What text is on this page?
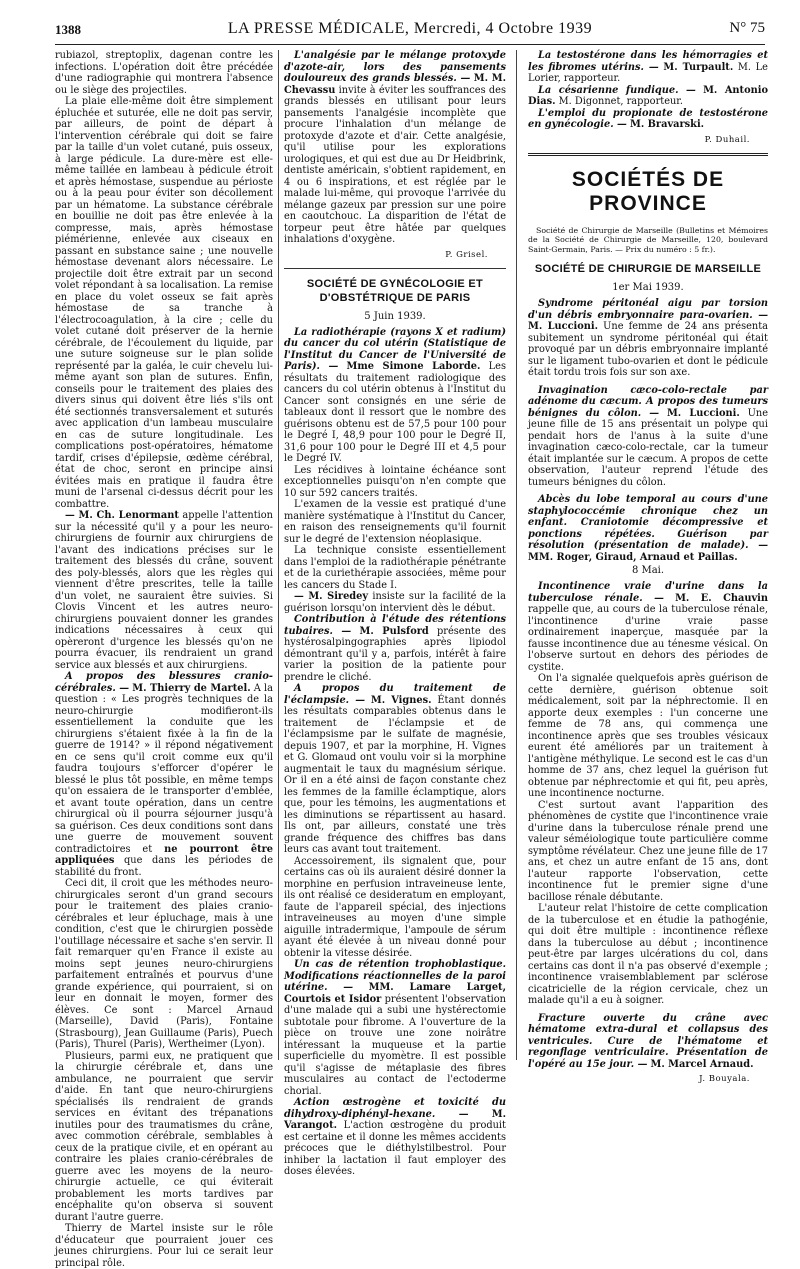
1388	LA PRESSE MÉDICALE, Mercredi, 4 Octobre 1939	N° 75

rubiazol, streptoplix, dagenan contre les infections. L'opération doit être précédée d'une radiographie qui montrera l'absence ou le siège des projectiles.

La plaie elle-même doit être simplement épluchée et suturée, elle ne doit pas servir, par ailleurs, de point de départ à l'intervention cérébrale qui doit se faire par la taille d'un volet cutané, puis osseux, à large pédicule. La dure-mère est elle-même taillée en lambeau à pédicule étroit et après hémostase, suspendue au périoste ou à la peau pour éviter son décollement par un hématome. La substance cérébrale en bouillie ne doit pas être enlevée à la compresse, mais, après hémostase piémérienne, enlevée aux ciseaux en passant en substance saine ; une nouvelle hémostase devenant alors nécessaire. Le projectile doit être extrait par un second volet répondant à sa localisation. La remise en place du volet osseux se fait après hémostase de sa tranche à l'électrocoagulation, à la cire ; celle du volet cutané doit préserver de la hernie cérébrale, de l'écoulement du liquide, par une suture soigneuse sur le plan solide représenté par la galéa, le cuir chevelu lui-même ayant son plan de sutures. Enfin, conseils pour le traitement des plaies des divers sinus qui doivent être liés s'ils ont été sectionnés transversalement et suturés avec application d'un lambeau musculaire en cas de suture longitudinale. Les complications post-opératoires, hématome tardif, crises d'épilepsie, œdème cérébral, état de choc, seront en principe ainsi évitées mais en pratique il faudra être muni de l'arsenal ci-dessus décrit pour les combattre.

— M. Ch. Lenormant appelle l'attention sur la nécessité qu'il y a pour les neuro-chirurgiens de fournir aux chirurgiens de l'avant des indications précises sur le traitement des blessés du crâne, souvent des poly-blessés, alors que les règles qui viennent d'être prescrites, telle la taille d'un volet, ne sauraient être suivies. Si Clovis Vincent et les autres neuro-chirurgiens pouvaient donner les grandes indications nécessaires à ceux qui opèreront d'urgence les blessés qu'on ne pourra évacuer, ils rendraient un grand service aux blessés et aux chirurgiens.

A propos des blessures cranio-cérébrales. — M. Thierry de Martel. A la question : « Les progrès techniques de la neuro-chirurgie modifieront-ils essentiellement la conduite que les chirurgiens s'étaient fixée à la fin de la guerre de 1914? » il répond négativement en ce sens qu'il croit comme eux qu'il faudra toujours s'efforcer d'opérer le blessé le plus tôt possible, en même temps qu'on essaiera de le transporter d'emblée, et avant toute opération, dans un centre chirurgical où il pourra séjourner jusqu'à sa guérison. Ces deux conditions sont dans une guerre de mouvement souvent contradictoires et ne pourront être appliquées que dans les périodes de stabilité du front.

Ceci dit, il croit que les méthodes neuro-chirurgicales seront d'un grand secours pour le traitement des plaies cranio-cérébrales et leur épluchage, mais à une condition, c'est que le chirurgien possède l'outillage nécessaire et sache s'en servir. Il fait remarquer qu'en France il existe au moins sept jeunes neuro-chirurgiens parfaitement entraînés et pourvus d'une grande expérience, qui pourraient, si on leur en donnait le moyen, former des élèves. Ce sont : Marcel Arnaud (Marseille), David (Paris), Fontaine (Strasbourg), Jean Guillaume (Paris), Puech (Paris), Thurel (Paris), Wertheimer (Lyon).

Plusieurs, parmi eux, ne pratiquent que la chirurgie cérébrale et, dans une ambulance, ne pourraient que servir d'aide. En tant que neuro-chirurgiens spécialisés ils rendraient de grands services en évitant des trépanations inutiles pour des traumatismes du crâne, avec commotion cérébrale, semblables à ceux de la pratique civile, et en opérant au contraire les plaies cranio-cérébrales de guerre avec les moyens de la neuro-chirurgie actuelle, ce qui éviterait probablement les morts tardives par encéphalite qu'on observa si souvent durant l'autre guerre.

Thierry de Martel insiste sur le rôle d'éducateur que pourraient jouer ces jeunes chirurgiens. Pour lui ce serait leur principal rôle.

L'analgésie par le mélange protoxyde d'azote-air, lors des pansements douloureux des grands blessés. — M. M. Chevassu invite à éviter les souffrances des grands blessés en utilisant pour leurs pansements l'analgésie incomplète que procure l'inhalation d'un mélange de protoxyde d'azote et d'air. Cette analgésie, qu'il utilise pour les explorations urologiques, et qui est due au Dr Heidbrink, dentiste américain, s'obtient rapidement, en 4 ou 6 inspirations, et est réglée par le malade lui-même, qui provoque l'arrivée du mélange gazeux par pression sur une poire en caoutchouc. La disparition de l'état de torpeur peut être hâtée par quelques inhalations d'oxygène.

P. Grisel.
SOCIÉTÉ DE GYNÉCOLOGIE ET D'OBSTÉTRIQUE DE PARIS
5 Juin 1939.

La radiothérapie (rayons X et radium) du cancer du col utérin (Statistique de l'Institut du Cancer de l'Université de Paris). — Mme Simone Laborde. Les résultats du traitement radiologique des cancers du col utérin obtenus à l'Institut du Cancer sont consignés en une série de tableaux dont il ressort que le nombre des guérisons obtenu est de 57,5 pour 100 pour le Degré I, 48,9 pour 100 pour le Degré II, 31,6 pour 100 pour le Degré III et 4,5 pour le Degré IV.

Les récidives à lointaine échéance sont exceptionnelles puisqu'on n'en compte que 10 sur 592 cancers traités.

L'examen de la vessie est pratiqué d'une manière systématique à l'Institut du Cancer, en raison des renseignements qu'il fournit sur le degré de l'extension néoplasique.

La technique consiste essentiellement dans l'emploi de la radiothérapie pénétrante et de la curiethérapie associées, même pour les cancers du Stade I.

— M. Siredey insiste sur la facilité de la guérison lorsqu'on intervient dès le début.

Contribution à l'étude des rétentions tubaires. — M. Pulsford présente des hystérosalpingographies après lipiodol démontrant qu'il y a, parfois, intérêt à faire varier la position de la patiente pour prendre le cliché.

A propos du traitement de l'éclampsie. — M. Vignes. Étant donnés les résultats comparables obtenus dans le traitement de l'éclampsie et de l'éclampsisme par le sulfate de magnésie, depuis 1907, et par la morphine, H. Vignes et G. Glomaud ont voulu voir si la morphine augmentait le taux du magnésium sérique. Or il en a été ainsi de façon constante chez les femmes de la famille éclamptique, alors que, pour les témoins, les augmentations et les diminutions se répartissent au hasard. Ils ont, par ailleurs, constaté une très grande fréquence des chiffres bas dans leurs cas avant tout traitement.

Accessoirement, ils signalent que, pour certains cas où ils auraient désiré donner la morphine en perfusion intraveineuse lente, ils ont réalisé ce desideratum en employant, faute de l'appareil spécial, des injections intraveineuses au moyen d'une simple aiguille intradermique, l'ampoule de sérum ayant été élevée à un niveau donné pour obtenir la vitesse désirée.

Un cas de rétention trophoblastique. Modifications réactionnelles de la paroi utérine. — MM. Lamare Larget, Courtois et Isidor présentent l'observation d'une malade qui a subi une hystérectomie subtotale pour fibrome. A l'ouverture de la pièce on trouve une zone noirâtre intéressant la muqueuse et la partie superficielle du myomètre. Il est possible qu'il s'agisse de métaplasie des fibres musculaires au contact de l'ectoderme chorial.

Action œstrogène et toxicité du dihydroxy-diphényl-hexane. — M. Varangot. L'action œstrogène du produit est certaine et il donne les mêmes accidents précoces que le diéthylstilbestrol. Pour inhiber la lactation il faut employer des doses élevées.

La testostérone dans les hémorragies et les fibromes utérins. — M. Turpault. M. Le Lorier, rapporteur.

La césarienne fundique. — M. Antonio Dias. M. Digonnet, rapporteur.

L'emploi du propionate de testostérone en gynécologie. — M. Bravarski.

P. Duhail.
SOCIÉTÉS DE PROVINCE

Société de Chirurgie de Marseille (Bulletins et Mémoires de la Société de Chirurgie de Marseille, 120, boulevard Saint-Germain, Paris. — Prix du numéro : 5 fr.).

SOCIÉTÉ DE CHIRURGIE DE MARSEILLE
1er Mai 1939.

Syndrome péritonéal aigu par torsion d'un débris embryonnaire para-ovarien. — M. Luccioni. Une femme de 24 ans présenta subitement un syndrome péritonéal qui était provoqué par un débris embryonnaire implanté sur le ligament tubo-ovarien et dont le pédicule était tordu trois fois sur son axe.

Invagination cæco-colo-rectale par adénome du cæcum. A propos des tumeurs bénignes du côlon. — M. Luccioni. Une jeune fille de 15 ans présentait un polype qui pendait hors de l'anus à la suite d'une invagination cæco-colo-rectale, car la tumeur était implantée sur le cæcum. A propos de cette observation, l'auteur reprend l'étude des tumeurs bénignes du côlon.

Abcès du lobe temporal au cours d'une staphylococcémie chronique chez un enfant. Craniotomie décompressive et ponctions répétées. Guérison par résolution (présentation de malade). — MM. Roger, Giraud, Arnaud et Paillas.

8 Mai.

Incontinence vraie d'urine dans la tuberculose rénale. — M. E. Chauvin rappelle que, au cours de la tuberculose rénale, l'incontinence d'urine vraie passe ordinairement inaperçue, masquée par la fausse incontinence due au ténesme vésical. On l'observe surtout en dehors des périodes de cystite.

On l'a signalée quelquefois après guérison de cette dernière, guérison obtenue soit médicalement, soit par la néphrectomie. Il en apporte deux exemples : l'un concerne une femme de 78 ans, qui commença une incontinence après que ses troubles vésicaux eurent été améliorés par un traitement à l'antigène méthylique. Le second est le cas d'un homme de 37 ans, chez lequel la guérison fut obtenue par néphrectomie et qui fit, peu après, une incontinence nocturne.

C'est surtout avant l'apparition des phénomènes de cystite que l'incontinence vraie d'urine dans la tuberculose rénale prend une valeur séméiologique toute particulière comme symptôme révélateur. Chez une jeune fille de 17 ans, et chez un autre enfant de 15 ans, dont l'auteur rapporte l'observation, cette incontinence fut le premier signe d'une bacillose rénale débutante.

L'auteur relat l'histoire de cette complication de la tuberculose et en étudie la pathogénie, qui doit être multiple : incontinence réflexe dans la tuberculose au début ; incontinence peut-être par larges ulcérations du col, dans certains cas dont il n'a pas observé d'exemple ; incontinence vraisemblablement par sclérose cicatricielle de la région cervicale, chez un malade qu'il a eu à soigner.

Fracture ouverte du crâne avec hématome extra-dural et collapsus des ventricules. Cure de l'hématome et regonflage ventriculaire. Présentation de l'opéré au 15e jour. — M. Marcel Arnaud.

J. Bouyala.
